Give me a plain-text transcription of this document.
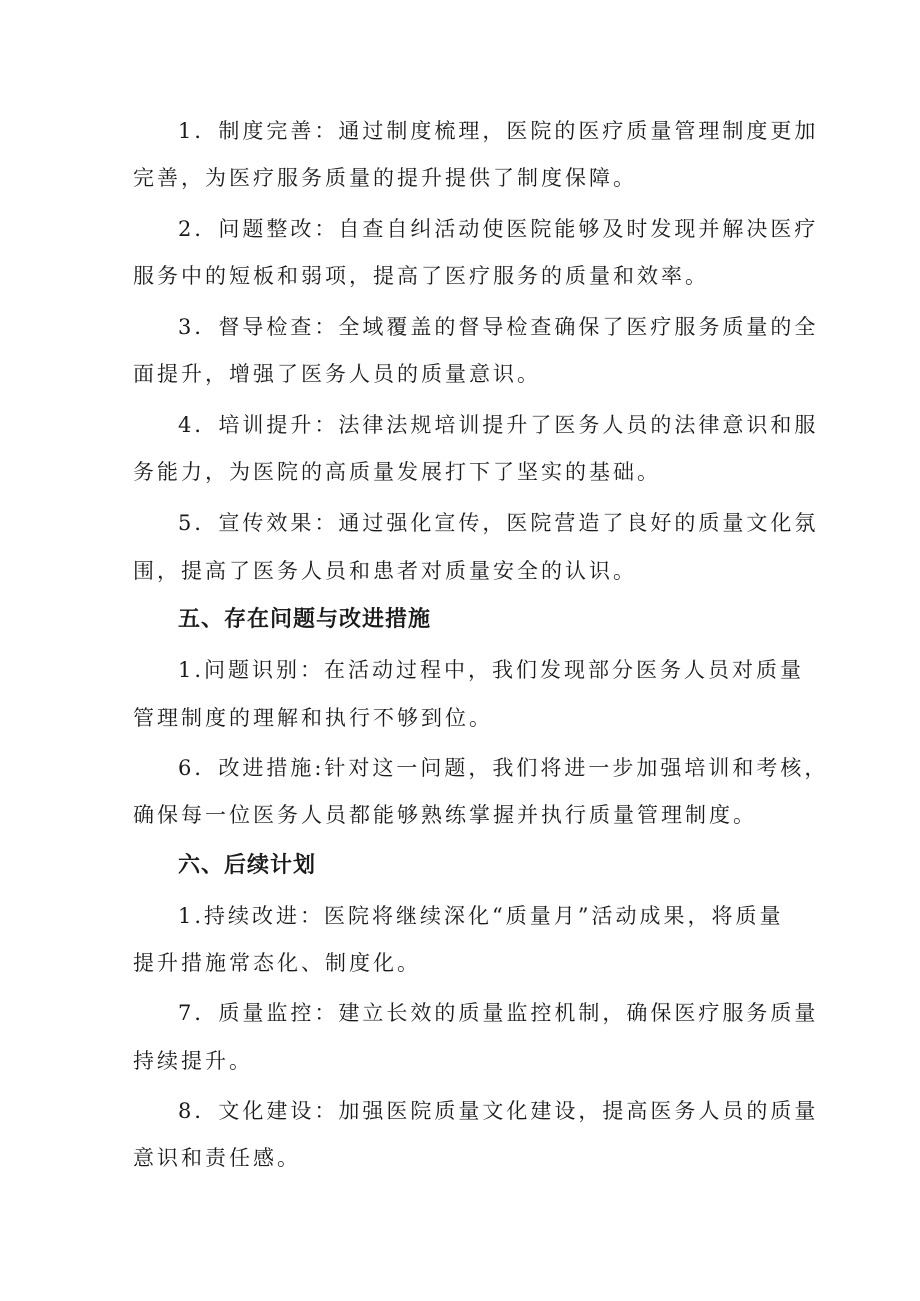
1．制度完善：通过制度梳理，医院的医疗质量管理制度更加

完善，为医疗服务质量的提升提供了制度保障。

2．问题整改：自查自纠活动使医院能够及时发现并解决医疗

服务中的短板和弱项，提高了医疗服务的质量和效率。

3．督导检查：全域覆盖的督导检查确保了医疗服务质量的全

面提升，增强了医务人员的质量意识。

4．培训提升：法律法规培训提升了医务人员的法律意识和服

务能力，为医院的高质量发展打下了坚实的基础。

5．宣传效果：通过强化宣传，医院营造了良好的质量文化氛

围，提高了医务人员和患者对质量安全的认识。

五、存在问题与改进措施

1.问题识别：在活动过程中，我们发现部分医务人员对质量

管理制度的理解和执行不够到位。

6．改进措施:针对这一问题，我们将进一步加强培训和考核，

确保每一位医务人员都能够熟练掌握并执行质量管理制度。

六、后续计划

1.持续改进：医院将继续深化“质量月”活动成果，将质量

提升措施常态化、制度化。

7．质量监控：建立长效的质量监控机制，确保医疗服务质量

持续提升。

8．文化建设：加强医院质量文化建设，提高医务人员的质量

意识和责任感。
